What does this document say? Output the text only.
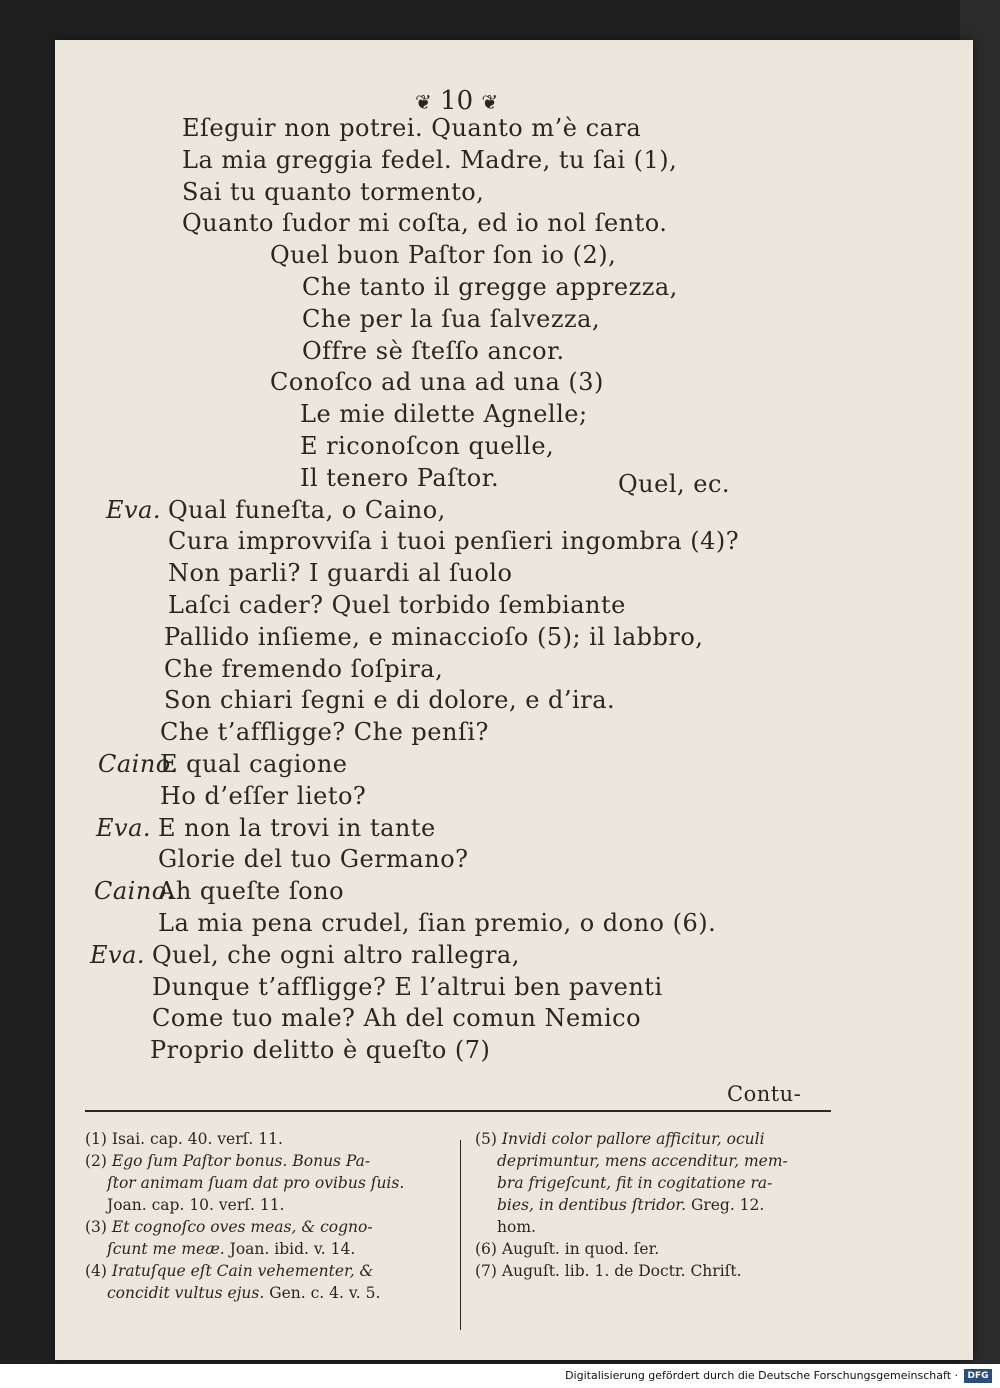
❦ 10 ❦
Eſeguir non potrei. Quanto m’è cara
La mia greggia fedel. Madre, tu ſai (1),
Sai tu quanto tormento,
Quanto ſudor mi coſta, ed io nol ſento.
Quel buon Paſtor ſon io (2),
Che tanto il gregge apprezza,
Che per la ſua ſalvezza,
Offre sè ſteſſo ancor.
Conoſco ad una ad una (3)
Le mie dilette Agnelle;
E riconoſcon quelle,
Il tenero Paſtor.
Eva. Qual funeſta, o Caino,
Cura improvviſa i tuoi penſieri ingombra (4)?
Non parli? I guardi al ſuolo
Laſci cader? Quel torbido ſembiante
Pallido inſieme, e minaccioſo (5); il labbro,
Che fremendo ſoſpira,
Son chiari ſegni e di dolore, e d’ira.
Che t’affligge? Che penſi?
Caino.
E qual cagione
Ho d’eſſer lieto?
Eva. E non la trovi in tante
Glorie del tuo Germano?
Caino.
Ah queſte ſono
La mia pena crudel, ſian premio, o dono (6).
Eva. Quel, che ogni altro rallegra,
Dunque t’affligge? E l’altrui ben paventi
Come tuo male? Ah del comun Nemico
Proprio delitto è queſto (7)
Quel, ec.
Contu-
(1) Isai. cap. 40. verſ. 11.
(2) Ego ſum Paſtor bonus. Bonus Pa-
ſtor animam ſuam dat pro ovibus ſuis.
Joan. cap. 10. verſ. 11.
(3) Et cognoſco oves meas, & cogno-
ſcunt me meæ. Joan. ibid. v. 14.
(4) Iratuſque eſt Cain vehementer, &
concidit vultus ejus. Gen. c. 4. v. 5.
(5) Invidi color pallore afficitur, oculi
deprimuntur, mens accenditur, mem-
bra frigeſcunt, fit in cogitatione ra-
bies, in dentibus ſtridor. Greg. 12.
hom.
(6) Auguſt. in quod. ſer.
(7) Auguſt. lib. 1. de Doctr. Chriſt.
Digitalisierung gefördert durch die Deutsche Forschungsgemeinschaft ·	DFG
